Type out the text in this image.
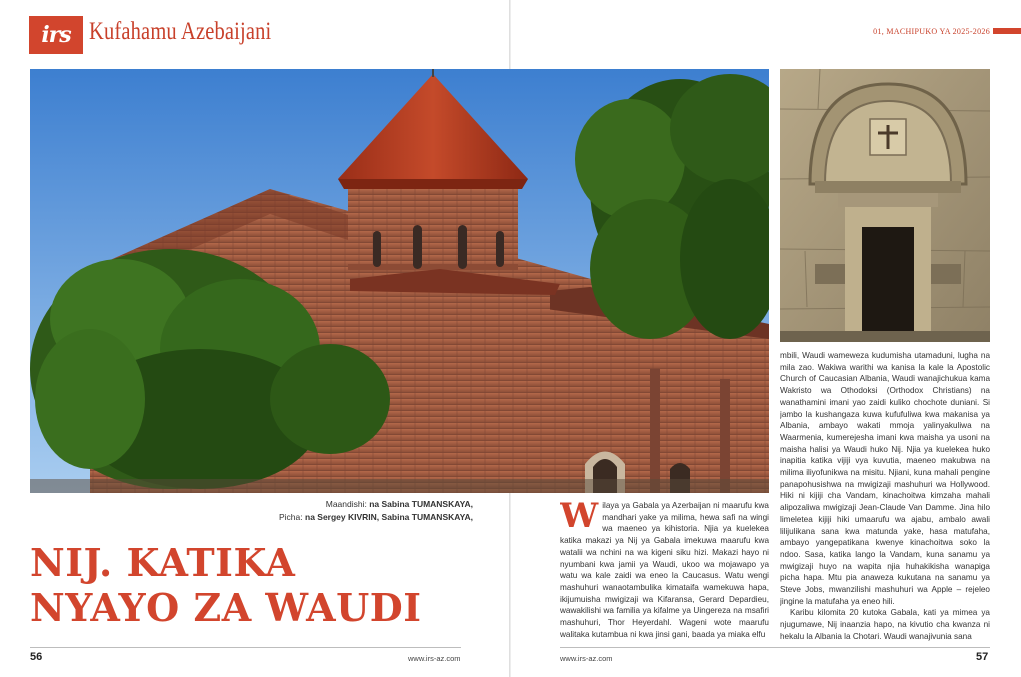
irs Kufahamu Azebaijani	01, MACHIPUKO YA 2025-2026
Maandishi: na Sabina TUMANSKAYA,
Picha: na Sergey KIVRIN, Sabina TUMANSKAYA,
NIJ. KATIKA
NYAYO ZA WAUDI

Wilaya ya Gabala ya Azerbaijan ni maarufu kwa mandhari yake ya milima, hewa safi na wingi wa maeneo ya kihistoria. Njia ya kuelekea katika makazi ya Nij ya Gabala imekuwa maarufu kwa watalii wa nchini na wa kigeni siku hizi. Makazi hayo ni nyumbani kwa jamii ya Waudi, ukoo wa mojawapo ya watu wa kale zaidi wa eneo la Caucasus. Watu wengi mashuhuri wanaotambulika kimataifa wamekuwa hapa, ikijumuisha mwigizaji wa Kifaransa, Gerard Depardieu, wawakilishi wa familia ya kifalme ya Uingereza na msafiri mashuhuri, Thor Heyerdahl. Wageni wote maarufu walitaka kutambua ni kwa jinsi gani, baada ya miaka elfu

mbili, Waudi wameweza kudumisha utamaduni, lugha na mila zao. Wakiwa warithi wa kanisa la kale la Apostolic Church of Caucasian Albania, Waudi wanajichukua kama Wakristo wa Othodoksi (Orthodox Christians) na wanathamini imani yao zaidi kuliko chochote duniani. Si jambo la kushangaza kuwa kufufuliwa kwa makanisa ya Albania, ambayo wakati mmoja yalinyakuliwa na Waarmenia, kumerejesha imani kwa maisha ya usoni na maisha halisi ya Waudi huko Nij. Njia ya kuelekea huko inapitia katika vijiji vya kuvutia, maeneo makubwa na milima iliyofunikwa na misitu. Njiani, kuna mahali pengine panapohusishwa na mwigizaji mashuhuri wa Hollywood. Hiki ni kijiji cha Vandam, kinachoitwa kimzaha mahali alipozaliwa mwigizaji Jean-Claude Van Damme. Jina hilo limeleteа kijiji hiki umaarufu wa ajabu, ambalo awali lilijulikana sana kwa matunda yake, hasa matufaha, ambayo yangepatikana kwenye kinachoitwa soko la ndoo. Sasa, katika lango la Vandam, kuna sanamu ya mwigizaji huyo na wapita njia huhakikisha wanapiga picha hapa. Mtu pia anaweza kukutana na sanamu ya Steve Jobs, mwanzilishi mashuhuri wa Apple – rejeleo jingine la matufaha ya eneo hili.

Karibu kilomita 20 kutoka Gabala, kati ya mimea ya njugumawe, Nij inaanzia hapo, na kivutio cha kwanza ni hekalu la Albania la Chotari. Waudi wanajivunia sana

56	www.irs-az.com	www.irs-az.com	57
